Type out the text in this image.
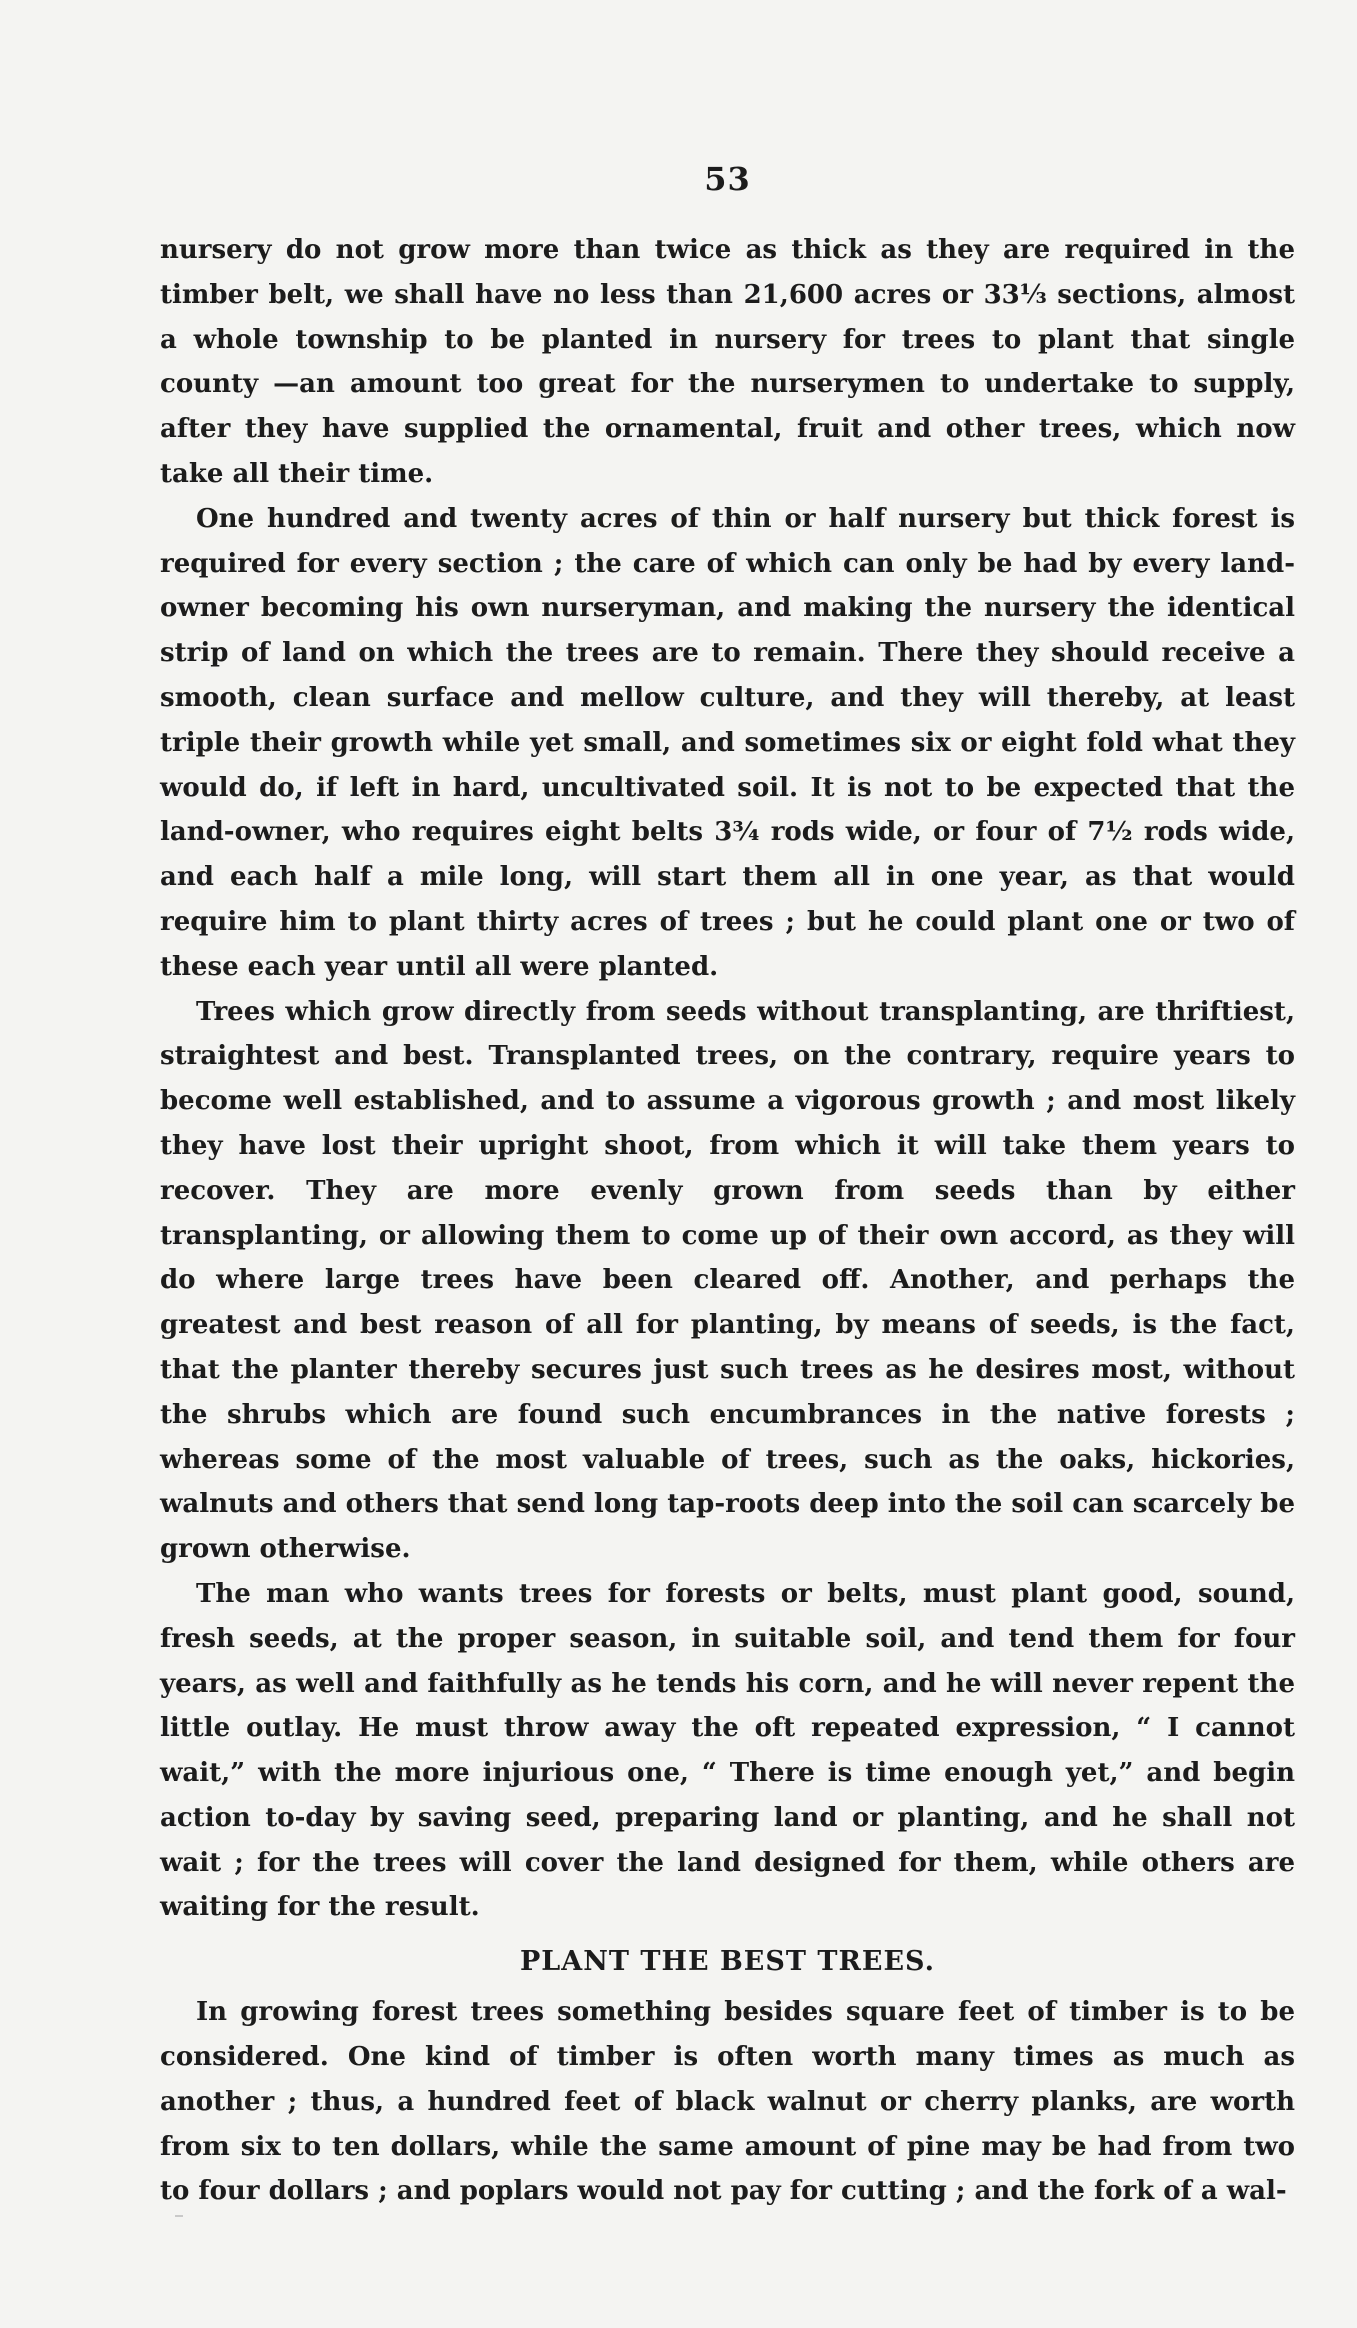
53

nursery do not grow more than twice as thick as they are required in the timber belt, we shall have no less than 21,600 acres or 33⅓ sections, almost a whole township to be planted in nursery for trees to plant that single county —an amount too great for the nurserymen to undertake to supply, after they have supplied the ornamental, fruit and other trees, which now take all their time.

One hundred and twenty acres of thin or half nursery but thick forest is required for every section ; the care of which can only be had by every land-owner becoming his own nurseryman, and making the nursery the identical strip of land on which the trees are to remain. There they should receive a smooth, clean surface and mellow culture, and they will thereby, at least triple their growth while yet small, and sometimes six or eight fold what they would do, if left in hard, uncultivated soil. It is not to be expected that the land-owner, who requires eight belts 3¾ rods wide, or four of 7½ rods wide, and each half a mile long, will start them all in one year, as that would require him to plant thirty acres of trees ; but he could plant one or two of these each year until all were planted.

Trees which grow directly from seeds without transplanting, are thriftiest, straightest and best. Transplanted trees, on the contrary, require years to become well established, and to assume a vigorous growth ; and most likely they have lost their upright shoot, from which it will take them years to recover. They are more evenly grown from seeds than by either transplanting, or allowing them to come up of their own accord, as they will do where large trees have been cleared off. Another, and perhaps the greatest and best reason of all for planting, by means of seeds, is the fact, that the planter thereby secures just such trees as he desires most, without the shrubs which are found such encumbrances in the native forests ; whereas some of the most valuable of trees, such as the oaks, hickories, walnuts and others that send long tap-roots deep into the soil can scarcely be grown otherwise.

The man who wants trees for forests or belts, must plant good, sound, fresh seeds, at the proper season, in suitable soil, and tend them for four years, as well and faithfully as he tends his corn, and he will never repent the little outlay. He must throw away the oft repeated expression, “ I cannot wait,” with the more injurious one, “ There is time enough yet,” and begin action to-day by saving seed, preparing land or planting, and he shall not wait ; for the trees will cover the land designed for them, while others are waiting for the result.

PLANT THE BEST TREES.

In growing forest trees something besides square feet of timber is to be considered. One kind of timber is often worth many times as much as another ; thus, a hundred feet of black walnut or cherry planks, are worth from six to ten dollars, while the same amount of pine may be had from two to four dollars ; and poplars would not pay for cutting ; and the fork of a wal-
